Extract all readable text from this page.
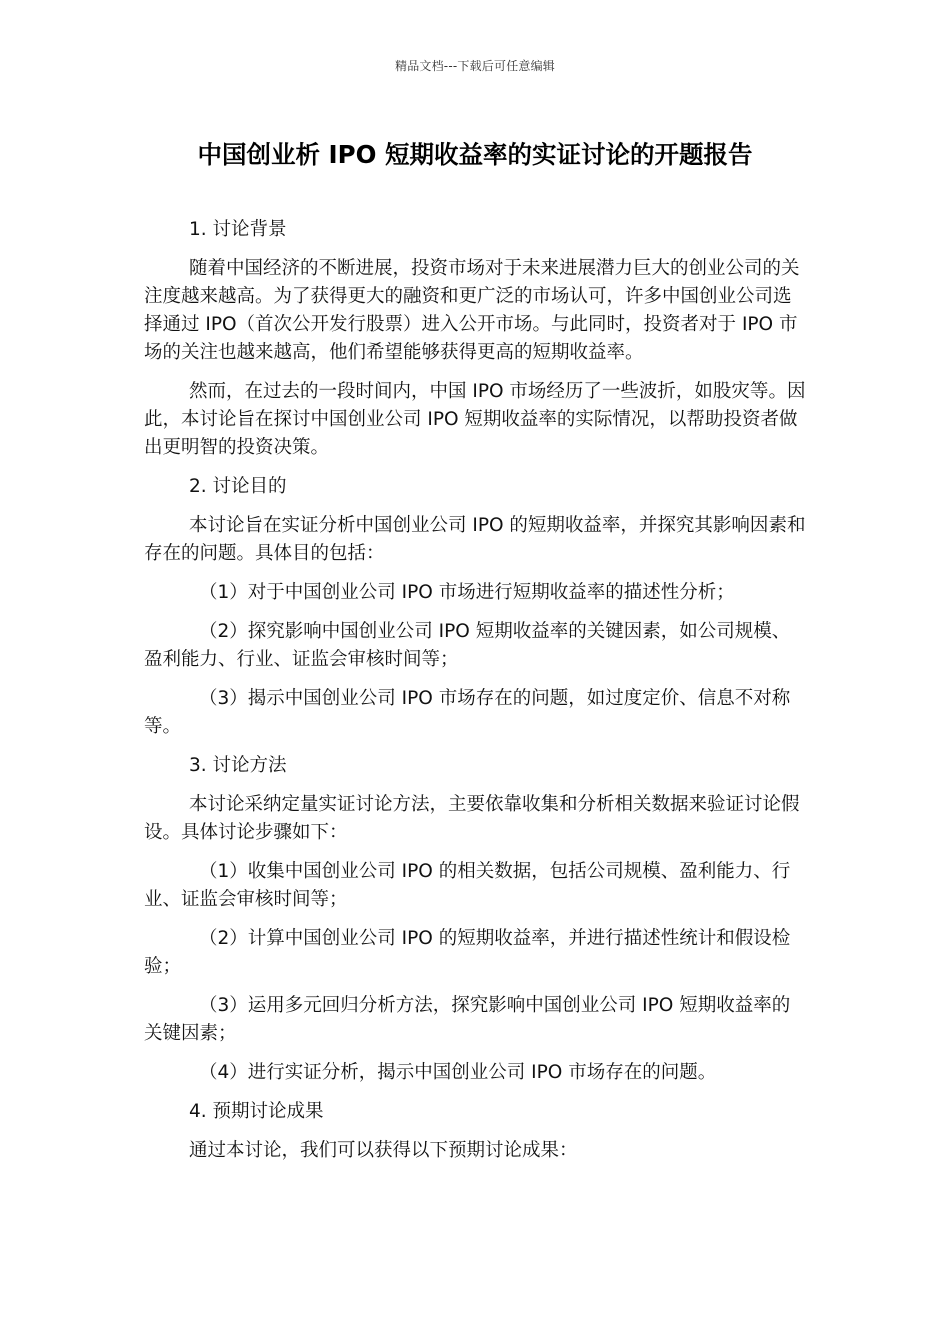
精品文档---下载后可任意编辑
中国创业析 IPO 短期收益率的实证讨论的开题报告

1. 讨论背景

随着中国经济的不断进展，投资市场对于未来进展潜力巨大的创业公司的关注度越来越高。为了获得更大的融资和更广泛的市场认可，许多中国创业公司选择通过 IPO（首次公开发行股票）进入公开市场。与此同时，投资者对于 IPO 市场的关注也越来越高，他们希望能够获得更高的短期收益率。

然而，在过去的一段时间内，中国 IPO 市场经历了一些波折，如股灾等。因此，本讨论旨在探讨中国创业公司 IPO 短期收益率的实际情况，以帮助投资者做出更明智的投资决策。

2. 讨论目的

本讨论旨在实证分析中国创业公司 IPO 的短期收益率，并探究其影响因素和存在的问题。具体目的包括：

（1）对于中国创业公司 IPO 市场进行短期收益率的描述性分析；

（2）探究影响中国创业公司 IPO 短期收益率的关键因素，如公司规模、盈利能力、行业、证监会审核时间等；

（3）揭示中国创业公司 IPO 市场存在的问题，如过度定价、信息不对称等。

3. 讨论方法

本讨论采纳定量实证讨论方法，主要依靠收集和分析相关数据来验证讨论假设。具体讨论步骤如下：

（1）收集中国创业公司 IPO 的相关数据，包括公司规模、盈利能力、行业、证监会审核时间等；

（2）计算中国创业公司 IPO 的短期收益率，并进行描述性统计和假设检验；

（3）运用多元回归分析方法，探究影响中国创业公司 IPO 短期收益率的关键因素；

（4）进行实证分析，揭示中国创业公司 IPO 市场存在的问题。

4. 预期讨论成果

通过本讨论，我们可以获得以下预期讨论成果：
